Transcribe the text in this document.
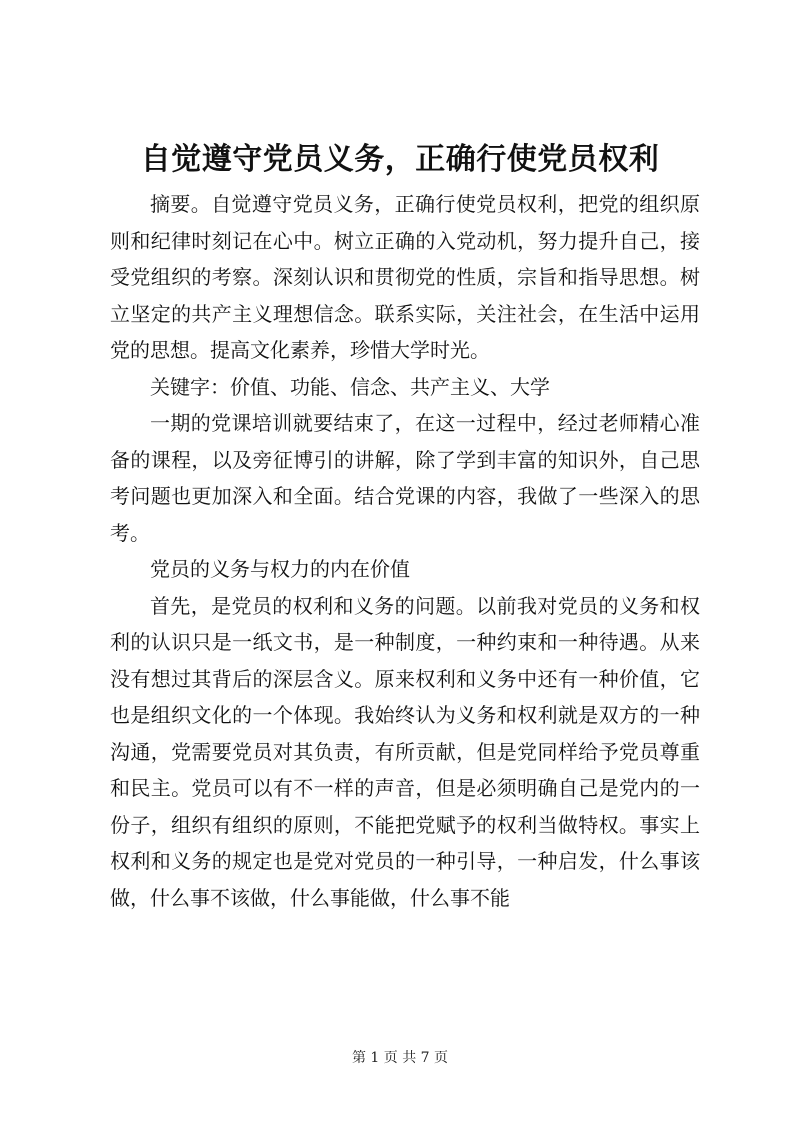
自觉遵守党员义务，正确行使党员权利

摘要。自觉遵守党员义务，正确行使党员权利，把党的组织原则和纪律时刻记在心中。树立正确的入党动机，努力提升自己，接受党组织的考察。深刻认识和贯彻党的性质，宗旨和指导思想。树立坚定的共产主义理想信念。联系实际，关注社会，在生活中运用党的思想。提高文化素养，珍惜大学时光。

关键字：价值、功能、信念、共产主义、大学

一期的党课培训就要结束了，在这一过程中，经过老师精心准备的课程，以及旁征博引的讲解，除了学到丰富的知识外，自己思考问题也更加深入和全面。结合党课的内容，我做了一些深入的思考。

党员的义务与权力的内在价值

首先，是党员的权利和义务的问题。以前我对党员的义务和权利的认识只是一纸文书，是一种制度，一种约束和一种待遇。从来没有想过其背后的深层含义。原来权利和义务中还有一种价值，它也是组织文化的一个体现。我始终认为义务和权利就是双方的一种沟通，党需要党员对其负责，有所贡献，但是党同样给予党员尊重和民主。党员可以有不一样的声音，但是必须明确自己是党内的一份子，组织有组织的原则，不能把党赋予的权利当做特权。事实上权利和义务的规定也是党对党员的一种引导，一种启发，什么事该做，什么事不该做，什么事能做，什么事不能

第 1 页 共 7 页
